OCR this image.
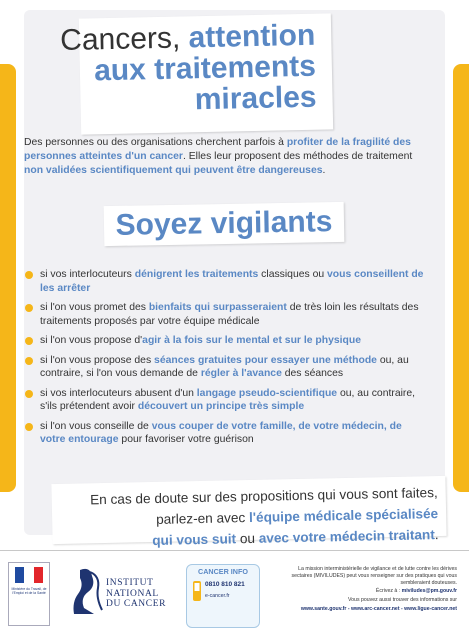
Cancers, attention
aux traitements
miracles
Des personnes ou des organisations cherchent parfois à profiter de la fragilité des personnes atteintes d'un cancer. Elles leur proposent des méthodes de traitement non validées scientifiquement qui peuvent être dangereuses.
Soyez vigilants
si vos interlocuteurs dénigrent les traitements classiques ou vous conseillent de les arrêter
si l'on vous promet des bienfaits qui surpasseraient de très loin les résultats des traitements proposés par votre équipe médicale
si l'on vous propose d'agir à la fois sur le mental et sur le physique
si l'on vous propose des séances gratuites pour essayer une méthode ou, au contraire, si l'on vous demande de régler à l'avance des séances
si vos interlocuteurs abusent d'un langage pseudo-scientifique ou, au contraire, s'ils prétendent avoir découvert un principe très simple
si l'on vous conseille de vous couper de votre famille, de votre médecin, de votre entourage pour favoriser votre guérison
En cas de doute sur des propositions qui vous sont faites,
parlez-en avec l'équipe médicale spécialisée
qui vous suit ou avec votre médecin traitant.
Ministère du Travail, de l'Emploi et de la Santé
INSTITUT
NATIONAL
DU CANCER
CANCER INFO
0810 810 821
e-cancer.fr

La mission interministérielle de vigilance et de lutte contre les dérives sectaires (MIVILUDES) peut vous renseigner sur des pratiques qui vous sembleraient douteuses.

Écrivez à : miviludes@pm.gouv.fr

Vous pouvez aussi trouver des informations sur

www.sante.gouv.fr - www.arc-cancer.net - www.ligue-cancer.net
